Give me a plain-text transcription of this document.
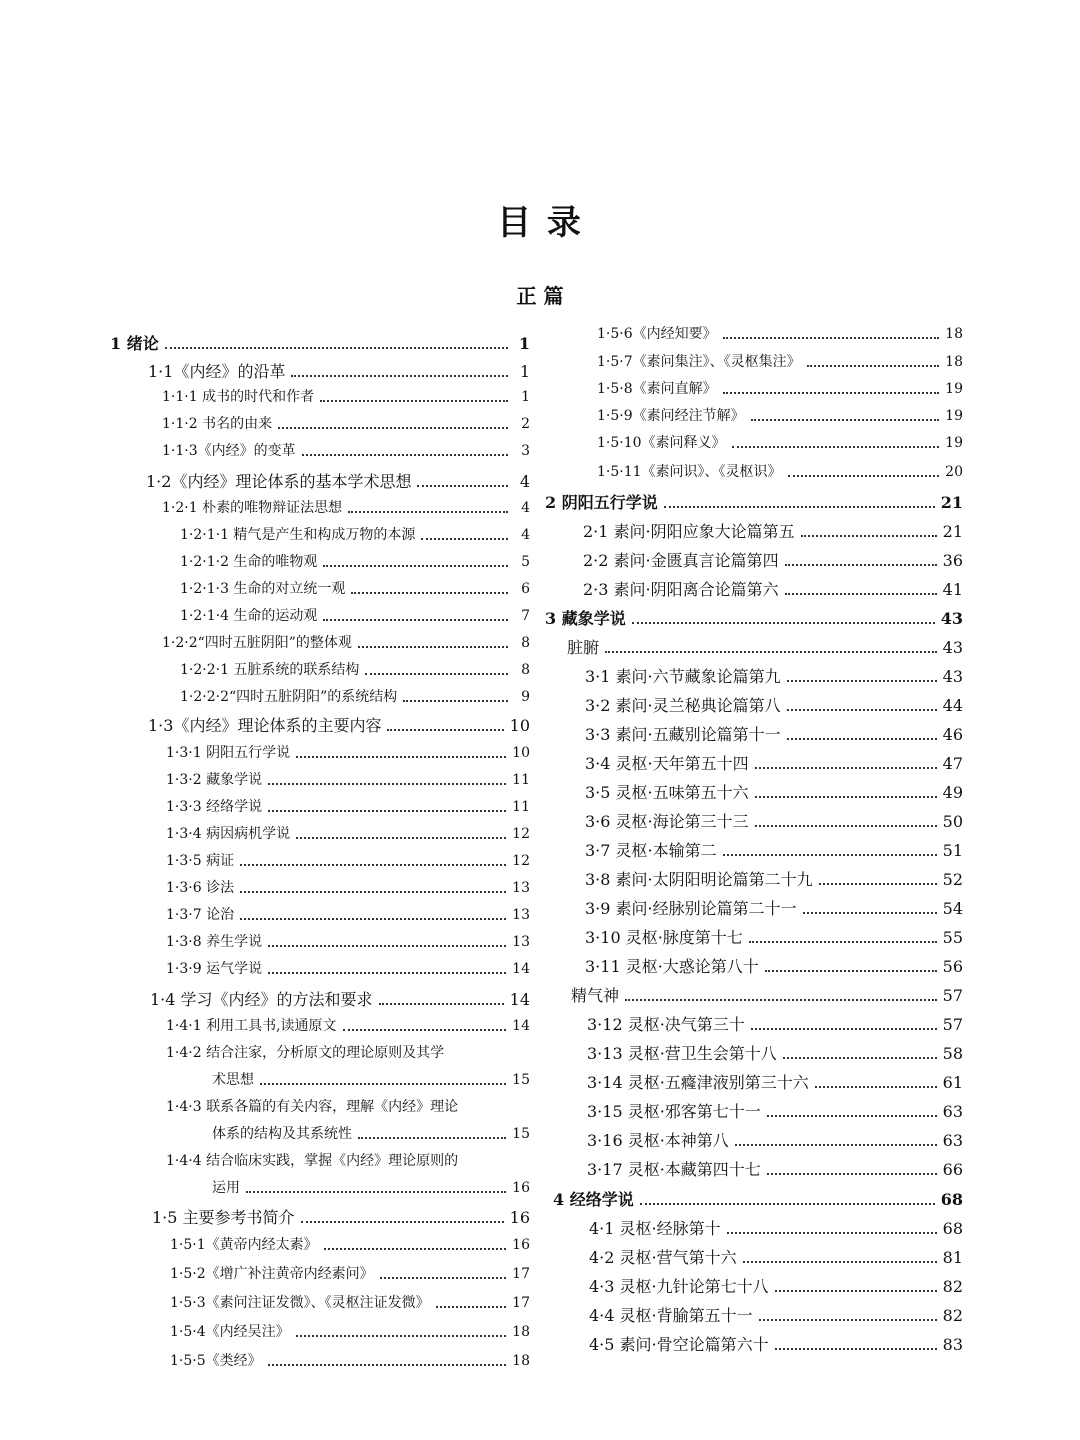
目 录
正 篇
1 绪论	1
1·1《内经》的沿革	1
1·1·1 成书的时代和作者	1
1·1·2 书名的由来	2
1·1·3《内经》的变革	3
1·2《内经》理论体系的基本学术思想	4
1·2·1 朴素的唯物辩证法思想	4
1·2·1·1 精气是产生和构成万物的本源	4
1·2·1·2 生命的唯物观	5
1·2·1·3 生命的对立统一观	6
1·2·1·4 生命的运动观	7
1·2·2“四时五脏阴阳”的整体观	8
1·2·2·1 五脏系统的联系结构	8
1·2·2·2“四时五脏阴阳”的系统结构	9
1·3《内经》理论体系的主要内容	10
1·3·1 阴阳五行学说	10
1·3·2 藏象学说	11
1·3·3 经络学说	11
1·3·4 病因病机学说	12
1·3·5 病证	12
1·3·6 诊法	13
1·3·7 论治	13
1·3·8 养生学说	13
1·3·9 运气学说	14
1·4 学习《内经》的方法和要求	14
1·4·1 利用工具书,读通原文	14
1·4·2 结合注家，分析原文的理论原则及其学
术思想	15
1·4·3 联系各篇的有关内容，理解《内经》理论
体系的结构及其系统性	15
1·4·4 结合临床实践，掌握《内经》理论原则的
运用	16
1·5 主要参考书简介	16
1·5·1《黄帝内经太素》	16
1·5·2《增广补注黄帝内经素问》	17
1·5·3《素问注证发微》、《灵枢注证发微》	17
1·5·4《内经吴注》	18
1·5·5《类经》	18
1·5·6《内经知要》	18
1·5·7《素问集注》、《灵枢集注》	18
1·5·8《素问直解》	19
1·5·9《素问经注节解》	19
1·5·10《素问释义》	19
1·5·11《素问识》、《灵枢识》	20
2 阴阳五行学说	21
2·1 素问·阴阳应象大论篇第五	21
2·2 素问·金匮真言论篇第四	36
2·3 素问·阴阳离合论篇第六	41
3 藏象学说	43
脏腑	43
3·1 素问·六节藏象论篇第九	43
3·2 素问·灵兰秘典论篇第八	44
3·3 素问·五藏别论篇第十一	46
3·4 灵枢·天年第五十四	47
3·5 灵枢·五味第五十六	49
3·6 灵枢·海论第三十三	50
3·7 灵枢·本输第二	51
3·8 素问·太阴阳明论篇第二十九	52
3·9 素问·经脉别论篇第二十一	54
3·10 灵枢·脉度第十七	55
3·11 灵枢·大惑论第八十	56
精气神	57
3·12 灵枢·决气第三十	57
3·13 灵枢·营卫生会第十八	58
3·14 灵枢·五癃津液别第三十六	61
3·15 灵枢·邪客第七十一	63
3·16 灵枢·本神第八	63
3·17 灵枢·本藏第四十七	66
4 经络学说	68
4·1 灵枢·经脉第十	68
4·2 灵枢·营气第十六	81
4·3 灵枢·九针论第七十八	82
4·4 灵枢·背腧第五十一	82
4·5 素问·骨空论篇第六十	83
